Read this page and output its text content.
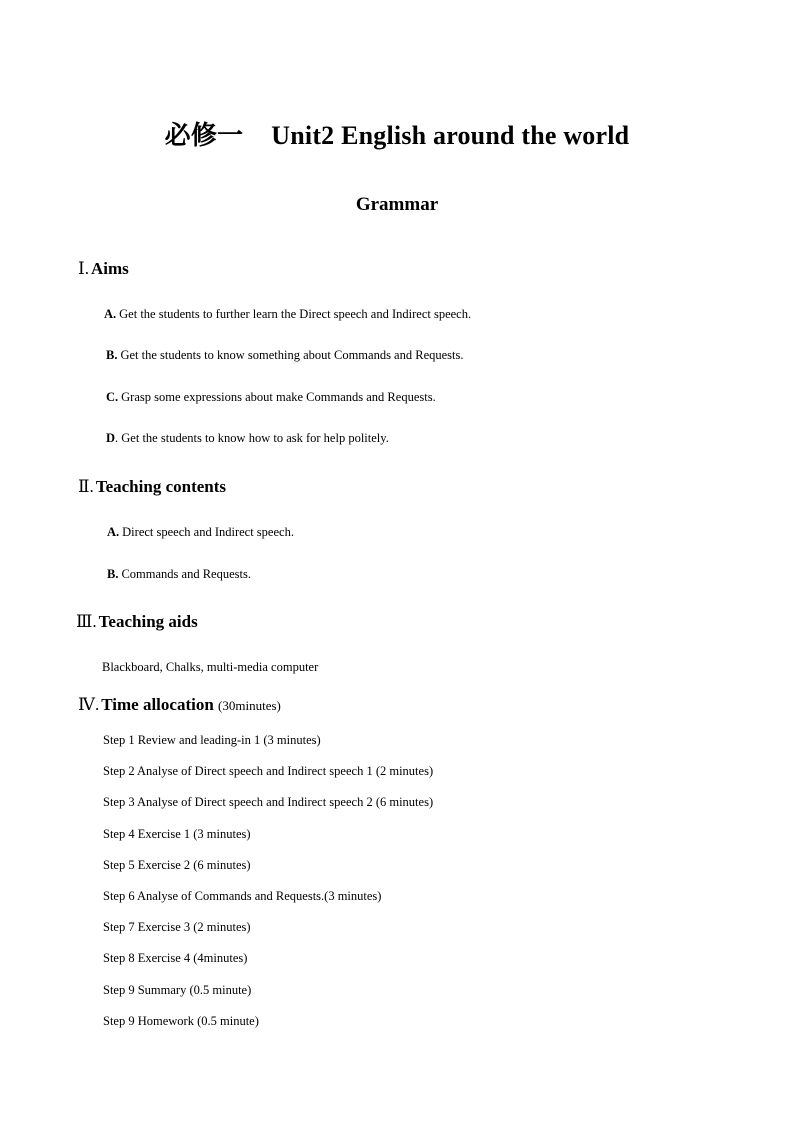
必修一 Unit2 English around the world
Grammar
Ⅰ. Aims
A. Get the students to further learn the Direct speech and Indirect speech.
B. Get the students to know something about Commands and Requests.
C. Grasp some expressions about make Commands and Requests.
D. Get the students to know how to ask for help politely.
Ⅱ. Teaching contents
A. Direct speech and Indirect speech.
B. Commands and Requests.
Ⅲ. Teaching aids
Blackboard, Chalks, multi-media computer
Ⅳ. Time allocation (30minutes)
Step 1 Review and leading-in 1 (3 minutes)
Step 2 Analyse of Direct speech and Indirect speech 1 (2 minutes)
Step 3 Analyse of Direct speech and Indirect speech 2 (6 minutes)
Step 4 Exercise 1 (3 minutes)
Step 5 Exercise 2 (6 minutes)
Step 6 Analyse of Commands and Requests.(3 minutes)
Step 7 Exercise 3 (2 minutes)
Step 8 Exercise 4 (4minutes)
Step 9 Summary (0.5 minute)
Step 9 Homework (0.5 minute)
